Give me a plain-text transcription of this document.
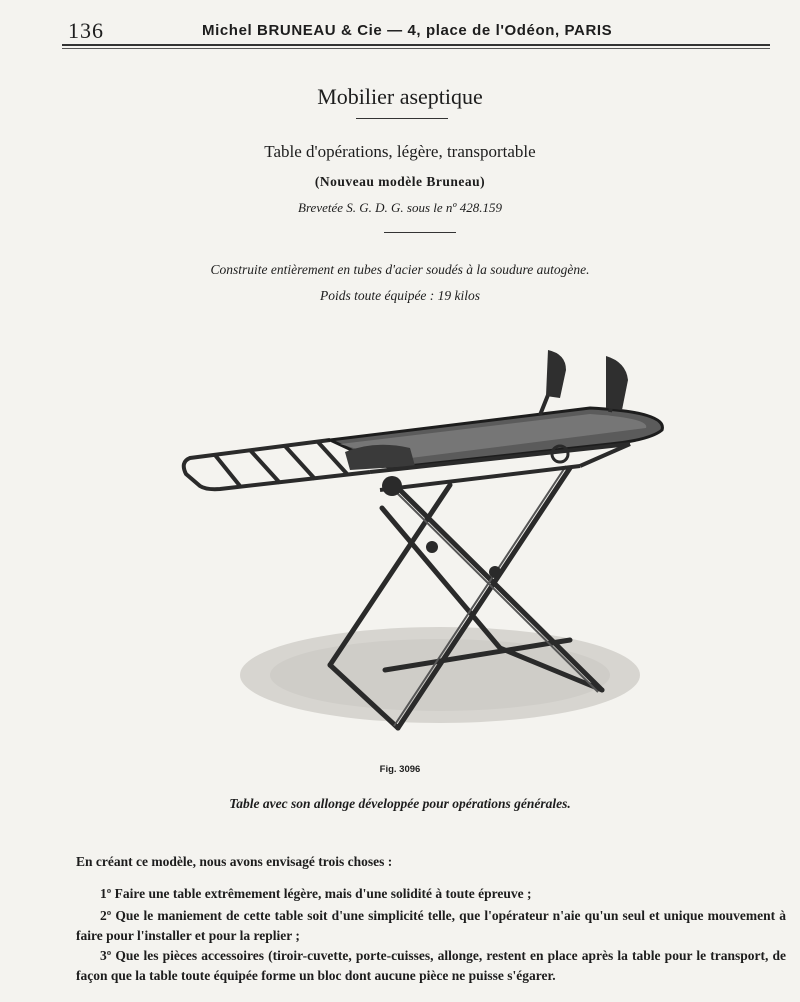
136	Michel BRUNEAU & Cie — 4, place de l'Odéon, PARIS
Mobilier aseptique
Table d'opérations, légère, transportable
(Nouveau modèle Bruneau)
Brevetée S. G. D. G. sous le nº 428.159
Construite entièrement en tubes d'acier soudés à la soudure autogène.
Poids toute équipée : 19 kilos
Fig. 3096
Table avec son allonge développée pour opérations générales.
En créant ce modèle, nous avons envisagé trois choses :
1º Faire une table extrêmement légère, mais d'une solidité à toute épreuve ;
2º Que le maniement de cette table soit d'une simplicité telle, que l'opérateur n'aie qu'un seul et unique mouvement à faire pour l'installer et pour la replier ;
3º Que les pièces accessoires (tiroir-cuvette, porte-cuisses, allonge, restent en place après la table pour le transport, de façon que la table toute équipée forme un bloc dont aucune pièce ne puisse s'égarer.
